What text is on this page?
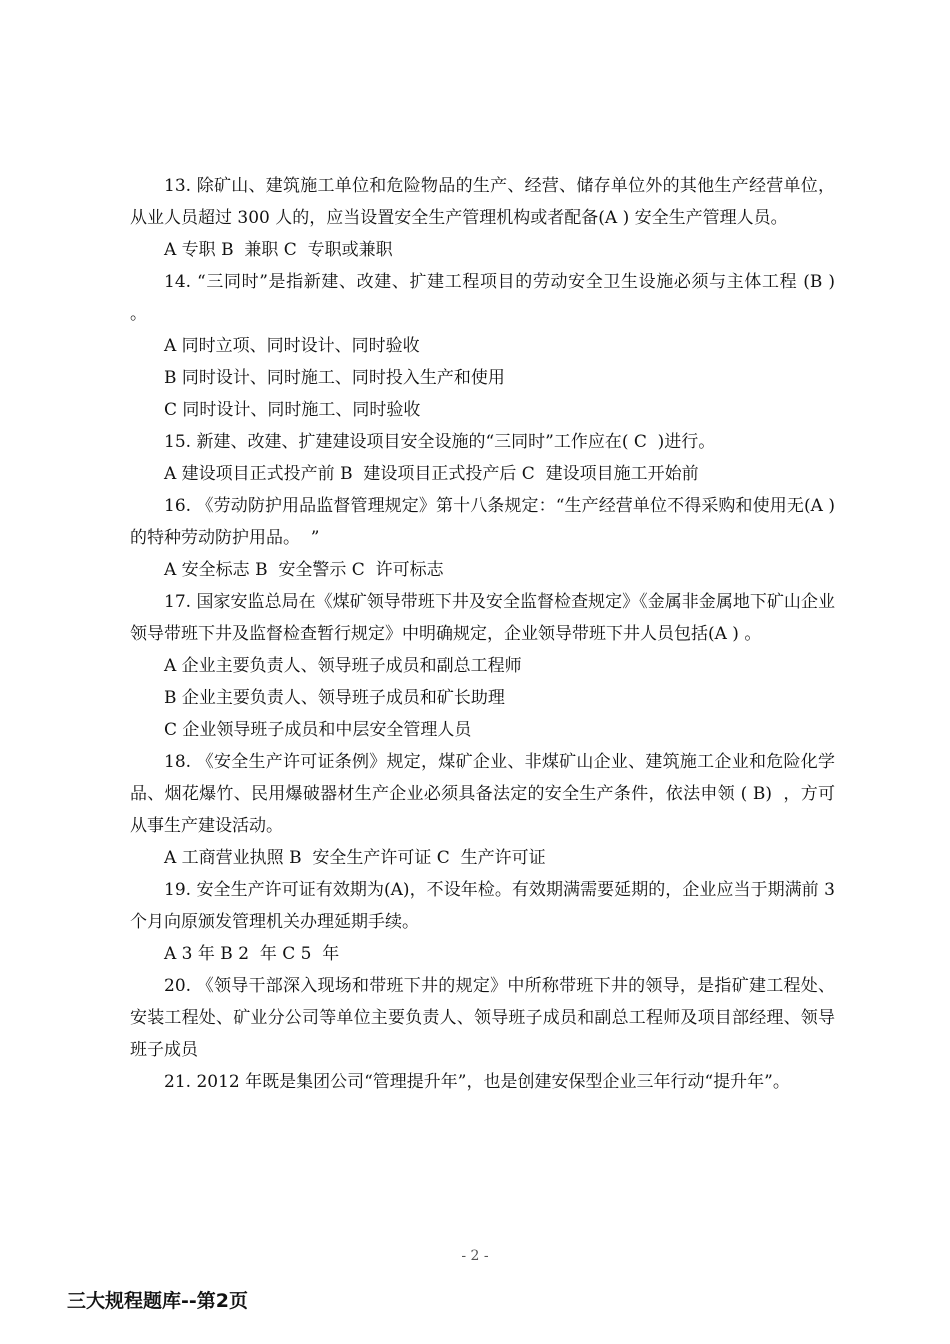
13. 除矿山、建筑施工单位和危险物品的生产、经营、储存单位外的其他生产经营单位，从业人员超过 300 人的，应当设置安全生产管理机构或者配备(A ) 安全生产管理人员。

A 专职 B  兼职 C  专职或兼职

14. “三同时”是指新建、改建、扩建工程项目的劳动安全卫生设施必须与主体工程 (B )  。

A 同时立项、同时设计、同时验收

B 同时设计、同时施工、同时投入生产和使用

C 同时设计、同时施工、同时验收

15. 新建、改建、扩建建设项目安全设施的“三同时”工作应在( C  )进行。

A 建设项目正式投产前 B  建设项目正式投产后 C  建设项目施工开始前

16. 《劳动防护用品监督管理规定》第十八条规定：“生产经营单位不得采购和使用无(A ) 的特种劳动防护用品。  ”

A 安全标志 B  安全警示 C  许可标志

17. 国家安监总局在《煤矿领导带班下井及安全监督检查规定》《金属非金属地下矿山企业领导带班下井及监督检查暂行规定》中明确规定，企业领导带班下井人员包括(A ) 。

A 企业主要负责人、领导班子成员和副总工程师

B 企业主要负责人、领导班子成员和矿长助理

C 企业领导班子成员和中层安全管理人员

18. 《安全生产许可证条例》规定，煤矿企业、非煤矿山企业、建筑施工企业和危险化学品、烟花爆竹、民用爆破器材生产企业必须具备法定的安全生产条件，依法申领 ( B)  ，方可从事生产建设活动。

A 工商营业执照 B  安全生产许可证 C  生产许可证

19. 安全生产许可证有效期为(A)，不设年检。有效期满需要延期的，企业应当于期满前 3 个月向原颁发管理机关办理延期手续。

A 3 年 B 2  年 C 5  年

20. 《领导干部深入现场和带班下井的规定》中所称带班下井的领导，是指矿建工程处、安装工程处、矿业分公司等单位主要负责人、领导班子成员和副总工程师及项目部经理、领导班子成员

21. 2012 年既是集团公司“管理提升年”，也是创建安保型企业三年行动“提升年”。

- 2 -
三大规程题库--第2页
